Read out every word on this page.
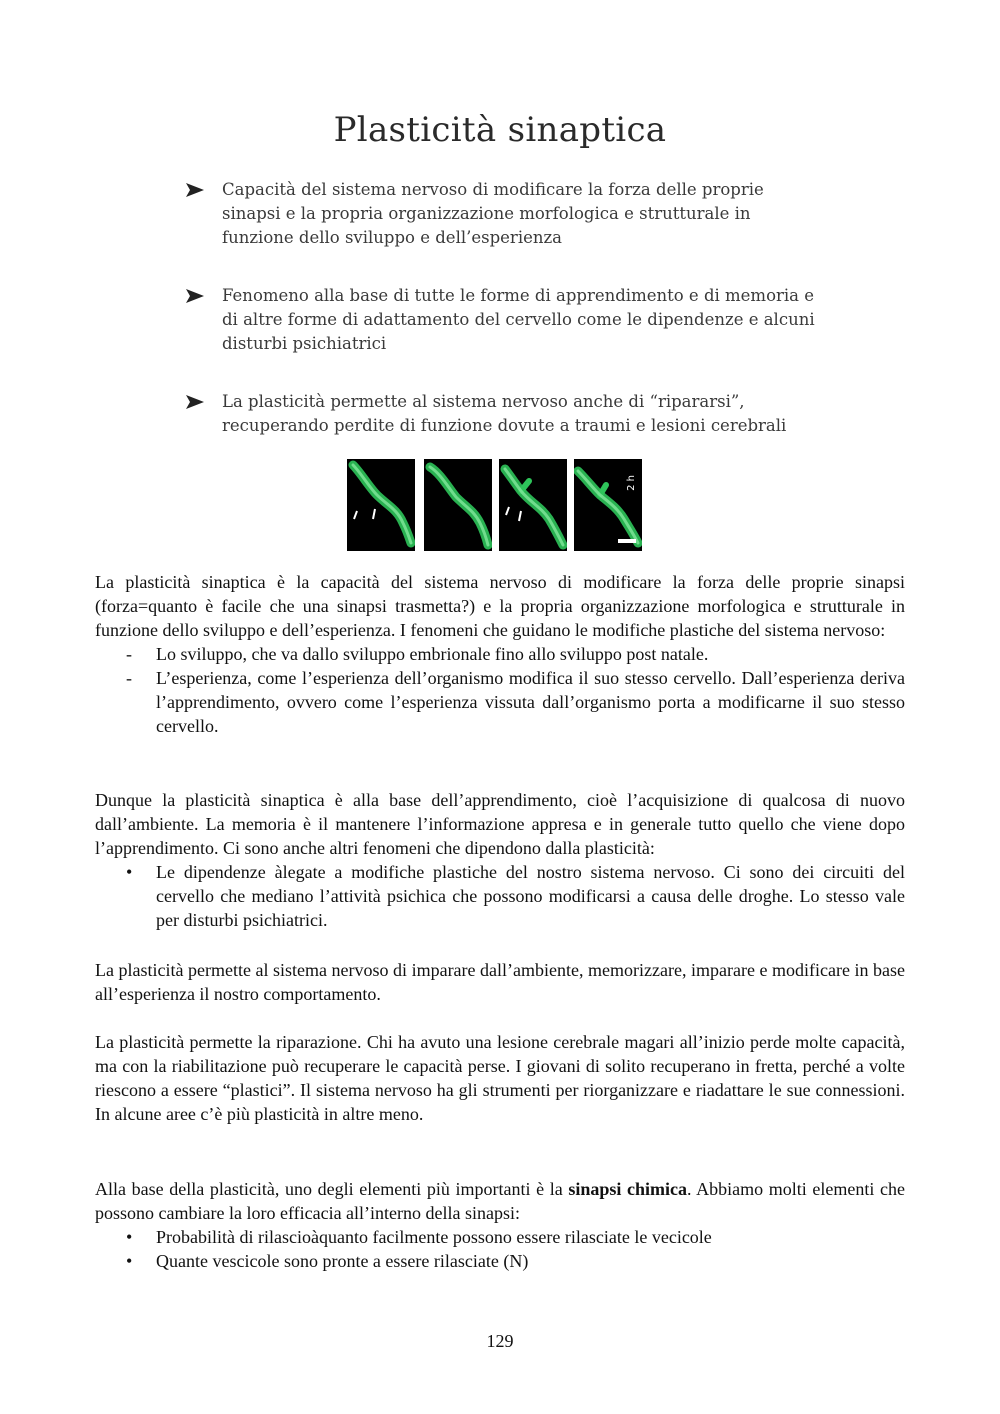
Plasticità sinaptica
Capacità del sistema nervoso di modificare la forza delle proprie sinapsi e la propria organizzazione morfologica e strutturale in funzione dello sviluppo e dell’esperienza
Fenomeno alla base di tutte le forme di apprendimento e di memoria e di altre forme di adattamento del cervello come le dipendenze e alcuni disturbi psichiatrici
La plasticità permette al sistema nervoso anche di “ripararsi”, recuperando perdite di funzione dovute a traumi e lesioni cerebrali
2 h

La plasticità sinaptica è la capacità del sistema nervoso di modificare la forza delle proprie sinapsi (forza=quanto è facile che una sinapsi trasmetta?) e la propria organizzazione morfologica e strutturale in funzione dello sviluppo e dell’esperienza. I fenomeni che guidano le modifiche plastiche del sistema nervoso:

- Lo sviluppo, che va dallo sviluppo embrionale fino allo sviluppo post natale.
- L’esperienza, come l’esperienza dell’organismo modifica il suo stesso cervello. Dall’esperienza deriva l’apprendimento, ovvero come l’esperienza vissuta dall’organismo porta a modificarne il suo stesso cervello.

Dunque la plasticità sinaptica è alla base dell’apprendimento, cioè l’acquisizione di qualcosa di nuovo dall’ambiente. La memoria è il mantenere l’informazione appresa e in generale tutto quello che viene dopo l’apprendimento. Ci sono anche altri fenomeni che dipendono dalla plasticità:

• Le dipendenze àlegate a modifiche plastiche del nostro sistema nervoso. Ci sono dei circuiti del cervello che mediano l’attività psichica che possono modificarsi a causa delle droghe. Lo stesso vale per disturbi psichiatrici.

La plasticità permette al sistema nervoso di imparare dall’ambiente, memorizzare, imparare e modificare in base all’esperienza il nostro comportamento.

La plasticità permette la riparazione. Chi ha avuto una lesione cerebrale magari all’inizio perde molte capacità, ma con la riabilitazione può recuperare le capacità perse. I giovani di solito recuperano in fretta, perché a volte riescono a essere “plastici”. Il sistema nervoso ha gli strumenti per riorganizzare e riadattare le sue connessioni. In alcune aree c’è più plasticità in altre meno.

Alla base della plasticità, uno degli elementi più importanti è la sinapsi chimica. Abbiamo molti elementi che possono cambiare la loro efficacia all’interno della sinapsi:

• Probabilità di rilascioàquanto facilmente possono essere rilasciate le vecicole
• Quante vescicole sono pronte a essere rilasciate (N)
129
